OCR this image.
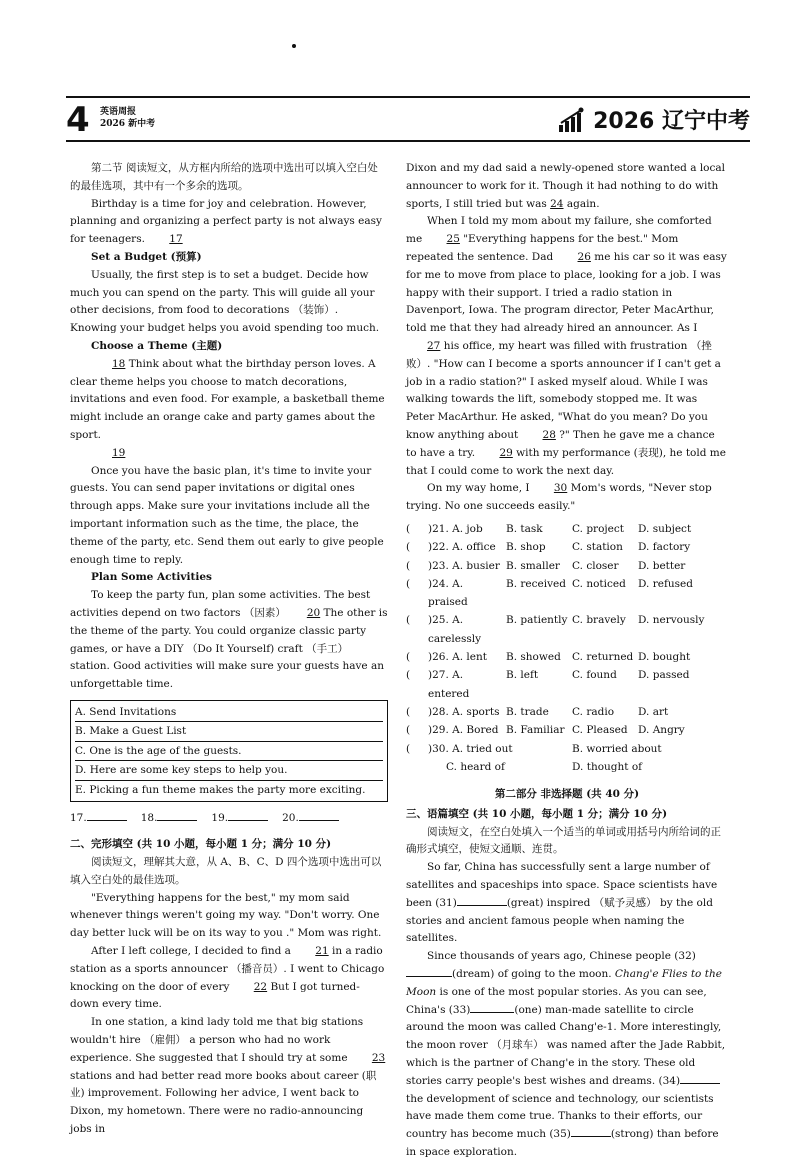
4 英语周报
2026 新中考	2026 辽宁中考

第二节 阅读短文，从方框内所给的选项中选出可以填入空白处的最佳选项，其中有一个多余的选项。

Birthday is a time for joy and celebration. However, planning and organizing a perfect party is not always easy for teenagers. 17

Set a Budget (预算)

Usually, the first step is to set a budget. Decide how much you can spend on the party. This will guide all your other decisions, from food to decorations （装饰）. Knowing your budget helps you avoid spending too much.

Choose a Theme (主题)

18 Think about what the birthday person loves. A clear theme helps you choose to match decorations, invitations and even food. For example, a basketball theme might include an orange cake and party games about the sport.

19

Once you have the basic plan, it's time to invite your guests. You can send paper invitations or digital ones through apps. Make sure your invitations include all the important information such as the time, the place, the theme of the party, etc. Send them out early to give people enough time to reply.

Plan Some Activities

To keep the party fun, plan some activities. The best activities depend on two factors （因素） 20 The other is the theme of the party. You could organize classic party games, or have a DIY （Do It Yourself) craft （手工） station. Good activities will make sure your guests have an unforgettable time.

A. Send Invitations
B. Make a Guest List
C. One is the age of the guests.
D. Here are some key steps to help you.
E. Picking a fun theme makes the party more exciting.
17.	18.	19.	20.

二、完形填空 (共 10 小题，每小题 1 分；满分 10 分)

阅读短文，理解其大意，从 A、B、C、D 四个选项中选出可以填入空白处的最佳选项。

"Everything happens for the best," my mom said whenever things weren't going my way. "Don't worry. One day better luck will be on its way to you ." Mom was right.

After I left college, I decided to find a 21 in a radio station as a sports announcer （播音员）. I went to Chicago knocking on the door of every 22 But I got turned-down every time.

In one station, a kind lady told me that big stations wouldn't hire （雇佣） a person who had no work experience. She suggested that I should try at some 23 stations and had better read more books about career (职业) improvement. Following her advice, I went back to Dixon, my hometown. There were no radio-announcing jobs in

Dixon and my dad said a newly-opened store wanted a local announcer to work for it. Though it had nothing to do with sports, I still tried but was 24 again.

When I told my mom about my failure, she comforted me 25 "Everything happens for the best." Mom repeated the sentence. Dad 26 me his car so it was easy for me to move from place to place, looking for a job. I was happy with their support. I tried a radio station in Davenport, Iowa. The program director, Peter MacArthur, told me that they had already hired an announcer. As I 27 his office, my heart was filled with frustration （挫败）. "How can I become a sports announcer if I can't get a job in a radio station?" I asked myself aloud. While I was walking towards the lift, somebody stopped me. It was Peter MacArthur. He asked, "What do you mean? Do you know anything about 28 ?" Then he gave me a chance to have a try. 29 with my performance (表现), he told me that I could come to work the next day.

On my way home, I 30 Mom's words, "Never stop trying. No one succeeds easily."

(	)21. A. job	B. task	C. project	D. subject
(	)22. A. office B. shop	C. station	D. factory
(	)23. A. busier B. smaller	C. closer	D. better
(	)24. A. praised
B. received C. noticed	D. refused
(	)25. A. carelessly
B. patiently C. bravely	D. nervously
(	)26. A. lent	B. showed	C. returned D. bought
(	)27. A. entered
B. left	C. found	D. passed
(	)28. A. sports B. trade	C. radio	D. art
(	)29. A. Bored B. Familiar C. Pleased D. Angry
(	)30. A. tried out	B. worried about
C. heard of	D. thought of

第二部分 非选择题 (共 40 分)

三、语篇填空 (共 10 小题，每小题 1 分；满分 10 分)

阅读短文，在空白处填入一个适当的单词或用括号内所给词的正确形式填空，使短文通顺、连贯。

So far, China has successfully sent a large number of satellites and spaceships into space. Space scientists have been (31)	(great) inspired （赋予灵感） by the old stories and ancient famous people when naming the satellites.

Since thousands of years ago, Chinese people (32)(dream) of going to the moon. Chang'e Flies to the Moon is one of the most popular stories. As you can see, China's (33)	(one) man-made satellite to circle around the moon was called Chang'e-1. More interestingly, the moon rover （月球车） was named after the Jade Rabbit, which is the partner of Chang'e in the story. These old stories carry people's best wishes and dreams. (34) the development of science and technology, our scientists have made them come true. Thanks to their efforts, our country has become much (35)	(strong) than before in space exploration.
